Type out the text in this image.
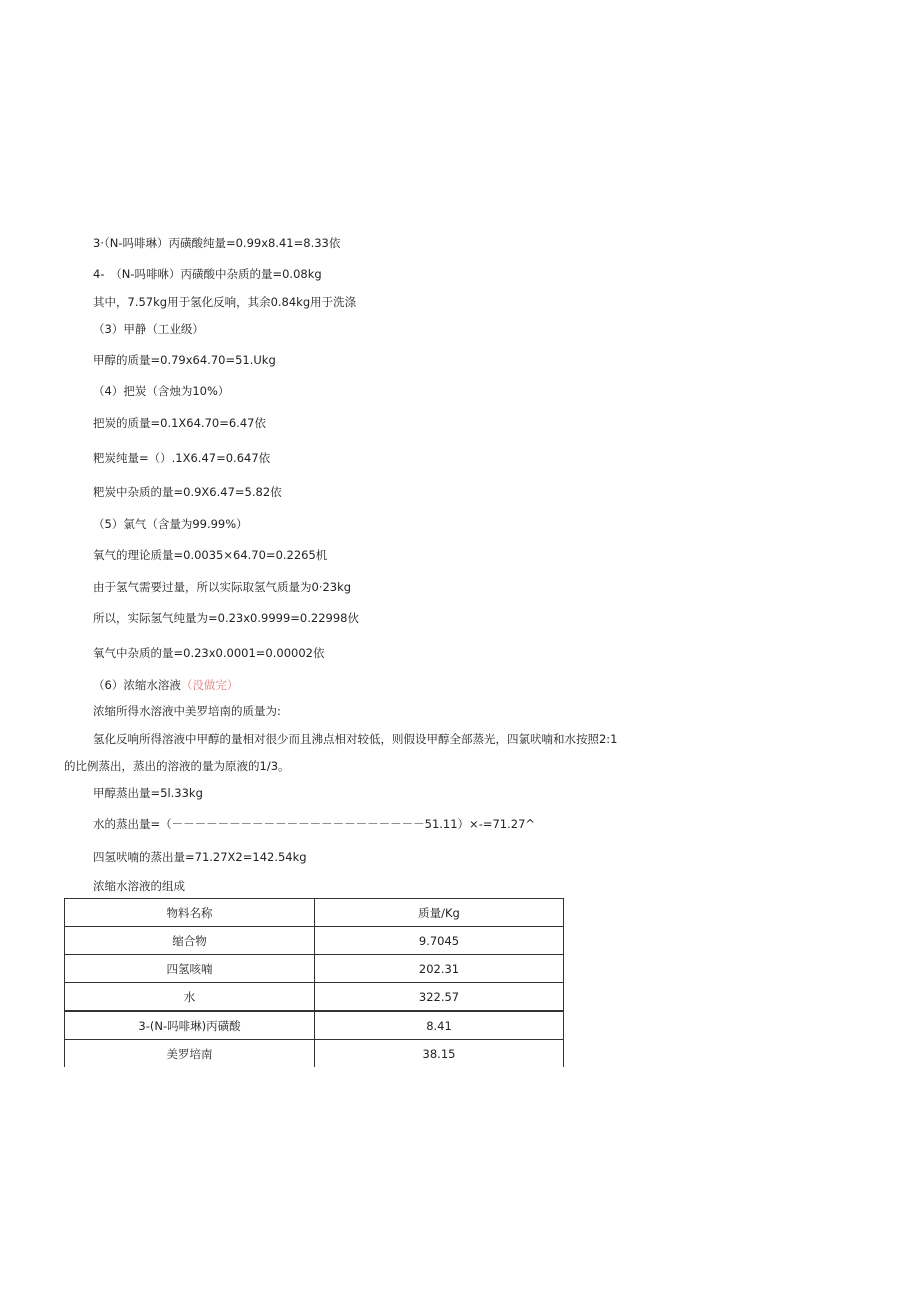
3·（N-吗啡琳）丙磺酸纯量=0.99x8.41=8.33依
4-　（N-吗啡咻）丙磺酸中杂质的量=0.08kg
其中，7.57kg用于氢化反响，其余0.84kg用于洗涤
（3）甲静（工业级）
甲醇的质量=0.79x64.70=51.Ukg
（4）把炭（含烛为10%）
把炭的质量=0.1X64.70=6.47依
粑炭纯量=（）.1X6.47=0.647依
粑炭中杂质的量=0.9X6.47=5.82依
（5）氯气（含量为99.99%）
氧气的理论质量=0.0035×64.70=0.2265机
由于氢气需要过量，所以实际取氢气质量为0·23kg
所以，实际氢气纯量为=0.23x0.9999=0.22998伙
氧气中杂质的量=0.23x0.0001=0.00002依
（6）浓缩水溶液（没做完）
浓缩所得水溶液中美罗培南的质量为:
氢化反响所得溶液中甲醇的量相对很少而且沸点相对较低，则假设甲醇全部蒸光，四氯吠喃和水按照2:1
的比例蒸出，蒸出的溶液的量为原液的1/3。
甲醇蒸出量=5l.33kg
水的蒸出量=（－－－－－－－－－－－－－－－－－－－－－－51.11）×-=71.27^
四氢吠喃的蒸出量=71.27X2=142.54kg
浓缩水溶液的组成
物料名称	质量/Kg
缩合物	9.7045
四氢咳喃	202.31
水	322.57
3-(N-吗啡琳)丙磺酸	8.41
美罗培南	38.15
